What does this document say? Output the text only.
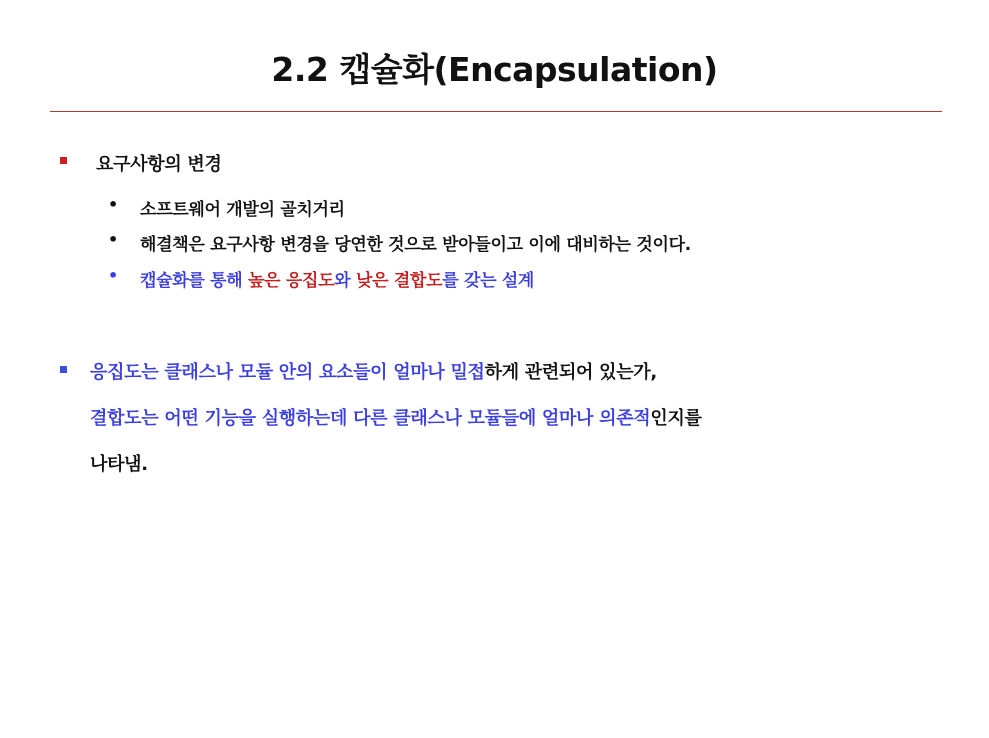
2.2 캡슐화(Encapsulation)
요구사항의 변경
• 소프트웨어 개발의 골치거리
• 해결책은 요구사항 변경을 당연한 것으로 받아들이고 이에 대비하는 것이다.
• 캡슐화를 통해 높은 응집도와 낮은 결합도를 갖는 설계
응집도는 클래스나 모듈 안의 요소들이 얼마나 밀접하게 관련되어 있는가,
결합도는 어떤 기능을 실행하는데 다른 클래스나 모듈들에 얼마나 의존적인지를
나타냄.
